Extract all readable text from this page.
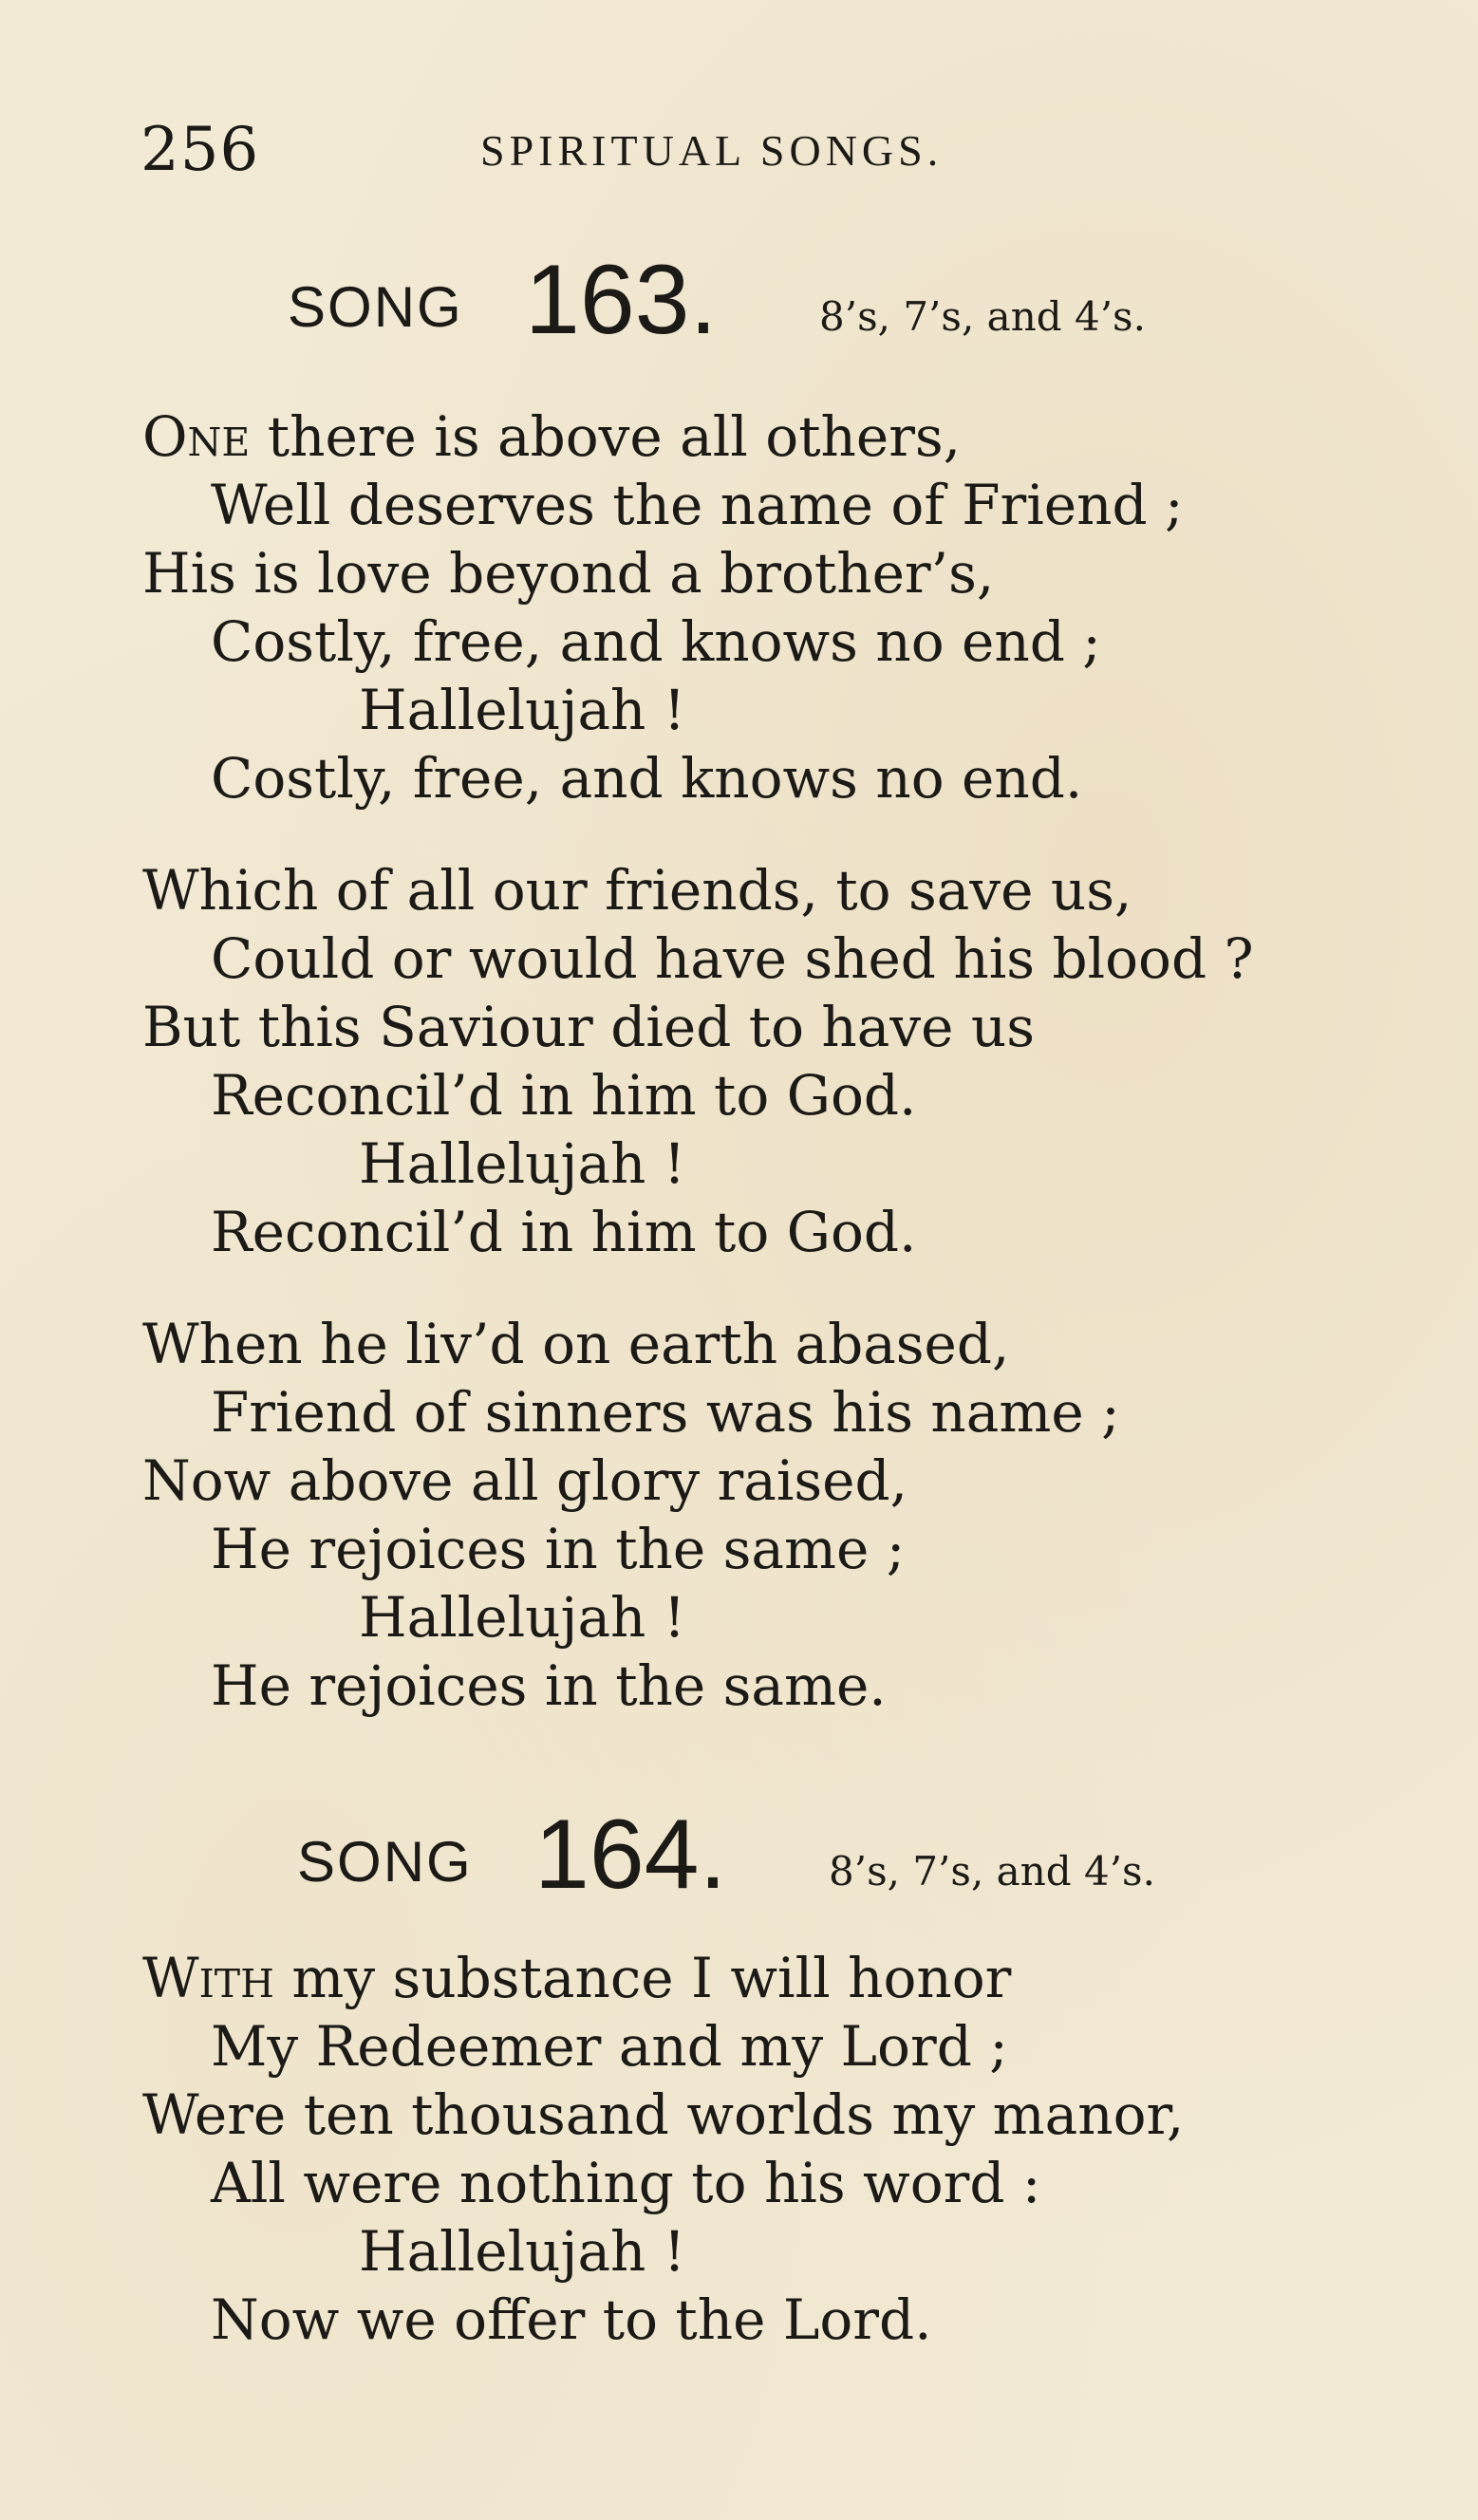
256	SPIRITUAL SONGS.
SONG 163.	8’s, 7’s, and 4’s.
One there is above all others,
Well deserves the name of Friend ;
His is love beyond a brother’s,
Costly, free, and knows no end ;
Hallelujah !
Costly, free, and knows no end.
Which of all our friends, to save us,
Could or would have shed his blood ?
But this Saviour died to have us
Reconcil’d in him to God.
Hallelujah !
Reconcil’d in him to God.
When he liv’d on earth abased,
Friend of sinners was his name ;
Now above all glory raised,
He rejoices in the same ;
Hallelujah !
He rejoices in the same.
SONG 164.	8’s, 7’s, and 4’s.
With my substance I will honor
My Redeemer and my Lord ;
Were ten thousand worlds my manor,
All were nothing to his word :
Hallelujah !
Now we offer to the Lord.
